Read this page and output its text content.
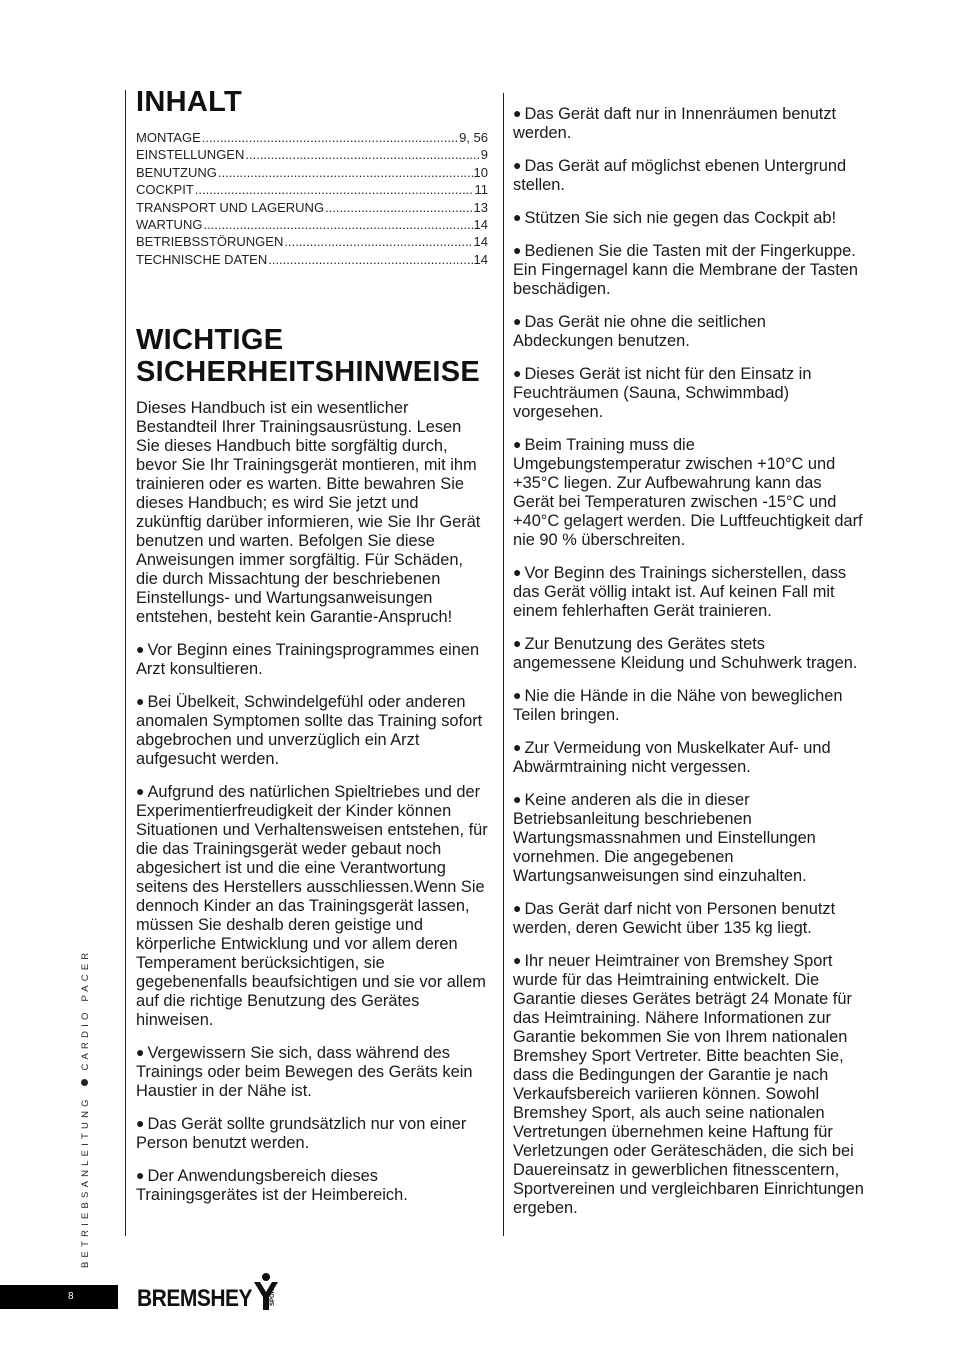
INHALT
MONTAGE .....	9, 56
EINSTELLUNGEN .....	9
BENUTZUNG .....	10
COCKPIT .....	11
TRANSPORT UND LAGERUNG .....	13
WARTUNG .....	14
BETRIEBSSTÖRUNGEN .....	14
TECHNISCHE DATEN .....	14
WICHTIGE
SICHERHEITSHINWEISE

Dieses Handbuch ist ein wesentlicher Bestandteil Ihrer Trainingsausrüstung. Lesen Sie dieses Handbuch bitte sorgfältig durch, bevor Sie Ihr Trainingsgerät montieren, mit ihm trainieren oder es warten. Bitte bewahren Sie dieses Handbuch; es wird Sie jetzt und zukünftig darüber informieren, wie Sie Ihr Gerät benutzen und warten. Befolgen Sie diese Anweisungen immer sorgfältig. Für Schäden, die durch Missachtung der beschriebenen Einstellungs- und Wartungsanweisungen entstehen, besteht kein Garantie-Anspruch!

● Vor Beginn eines Trainingsprogrammes einen Arzt konsultieren.

● Bei Übelkeit, Schwindelgefühl oder anderen anomalen Symptomen sollte das Training sofort abgebrochen und unverzüglich ein Arzt aufgesucht werden.

● Aufgrund des natürlichen Spieltriebes und der Experimentierfreudigkeit der Kinder können Situationen und Verhaltensweisen entstehen, für die das Trainingsgerät weder gebaut noch abgesichert ist und die eine Verantwortung seitens des Herstellers ausschliessen.Wenn Sie dennoch Kinder an das Trainingsgerät lassen, müssen Sie deshalb deren geistige und körperliche Entwicklung und vor allem deren Temperament berücksichtigen, sie gegebenenfalls beaufsichtigen und sie vor allem auf die richtige Benutzung des Gerätes hinweisen.

● Vergewissern Sie sich, dass während des Trainings oder beim Bewegen des Geräts kein Haustier in der Nähe ist.

● Das Gerät sollte grundsätzlich nur von einer Person benutzt werden.

● Der Anwendungsbereich dieses Trainingsgerätes ist der Heimbereich.

● Das Gerät daft nur in Innenräumen benutzt werden.

● Das Gerät auf möglichst ebenen Untergrund stellen.

● Stützen Sie sich nie gegen das Cockpit ab!

● Bedienen Sie die Tasten mit der Fingerkuppe. Ein Fingernagel kann die Membrane der Tasten beschädigen.

● Das Gerät nie ohne die seitlichen Abdeckungen benutzen.

● Dieses Gerät ist nicht für den Einsatz in Feuchträumen (Sauna, Schwimmbad) vorgesehen.

● Beim Training muss die Umgebungstemperatur zwischen +10°C und +35°C liegen. Zur Aufbewahrung kann das Gerät bei Temperaturen zwischen -15°C und +40°C gelagert werden. Die Luftfeuchtigkeit darf nie 90 % überschreiten.

● Vor Beginn des Trainings sicherstellen, dass das Gerät völlig intakt ist. Auf keinen Fall mit einem fehlerhaften Gerät trainieren.

● Zur Benutzung des Gerätes stets angemessene Kleidung und Schuhwerk tragen.

● Nie die Hände in die Nähe von beweglichen Teilen bringen.

● Zur Vermeidung von Muskelkater Auf- und Abwärmtraining nicht vergessen.

● Keine anderen als die in dieser Betriebsanleitung beschriebenen Wartungsmassnahmen und Einstellungen vornehmen. Die angegebenen Wartungsanweisungen sind einzuhalten.

● Das Gerät darf nicht von Personen benutzt werden, deren Gewicht über 135 kg liegt.

● Ihr neuer Heimtrainer von Bremshey Sport wurde für das Heimtraining entwickelt. Die Garantie dieses Gerätes beträgt 24 Monate für das Heimtraining. Nähere Informationen zur Garantie bekommen Sie von Ihrem nationalen Bremshey Sport Vertreter. Bitte beachten Sie, dass die Bedingungen der Garantie je nach Verkaufsbereich variieren können. Sowohl Bremshey Sport, als auch seine nationalen Vertretungen übernehmen keine Haftung für Verletzungen oder Geräteschäden, die sich bei Dauereinsatz in gewerblichen fitnesscentern, Sportvereinen und vergleichbaren Einrichtungen ergeben.

BETRIEBSANLEITUNG  CARDIO PACER
8	BREMSHEY	SPORT
